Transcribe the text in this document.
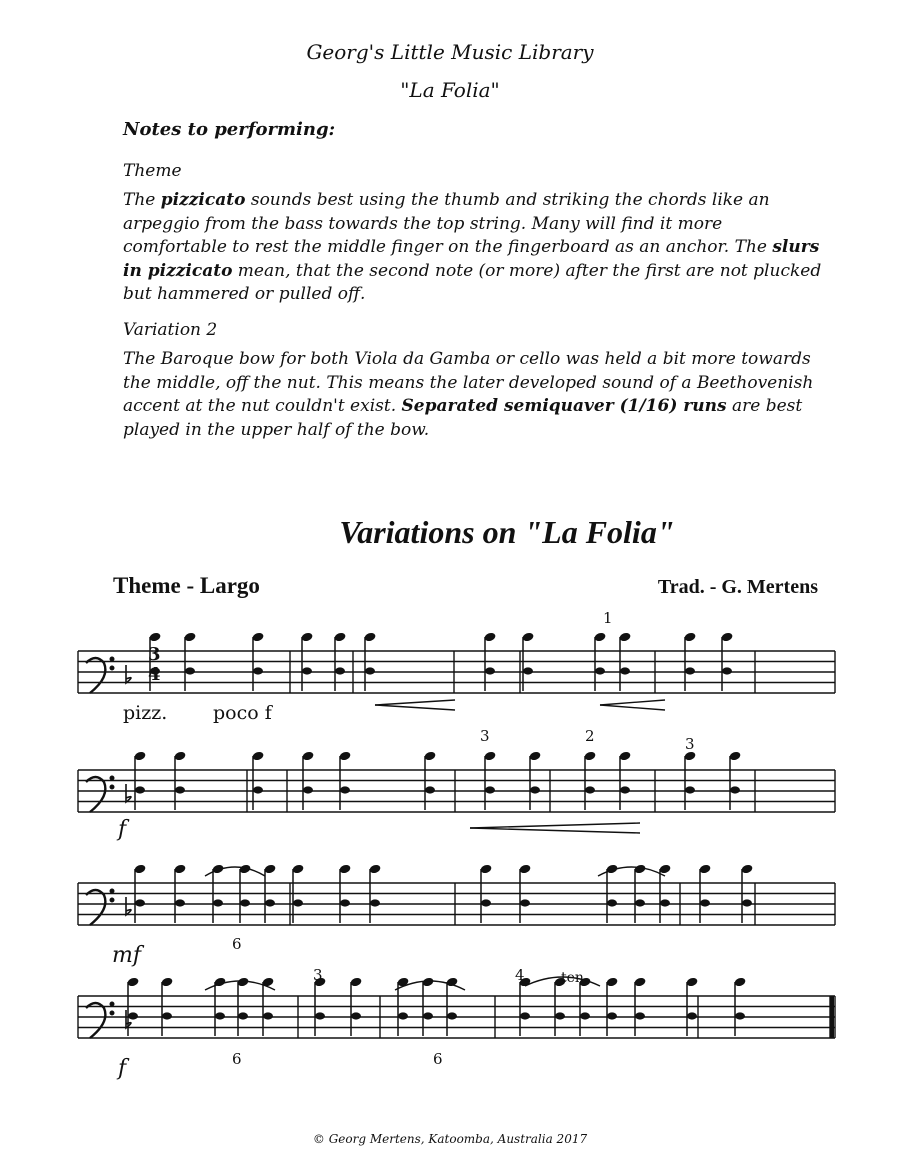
Georg's Little Music Library
"La Folia"
Notes to performing:
Theme
The pizzicato sounds best using the thumb and striking the chords like an arpeggio from the bass towards the top string. Many will find it more comfortable to rest the middle finger on the fingerboard as an anchor. The slurs in pizzicato mean, that the second note (or more) after the first are not plucked but hammered or pulled off.
Variation 2
The Baroque bow for both Viola da Gamba or cello was held a bit more towards the middle, off the nut. This means the later developed sound of a Beethovenish accent at the nut couldn't exist. Separated semiquaver (1/16) runs are best played in the upper half of the bow.
Variations on "La Folia"
Theme - Largo	Trad. - G. Mertens
3
4
pizz. poco f
f
mf
f
1
3	2	3
6
6	6
3	4	ten.
© Georg Mertens, Katoomba, Australia 2017
